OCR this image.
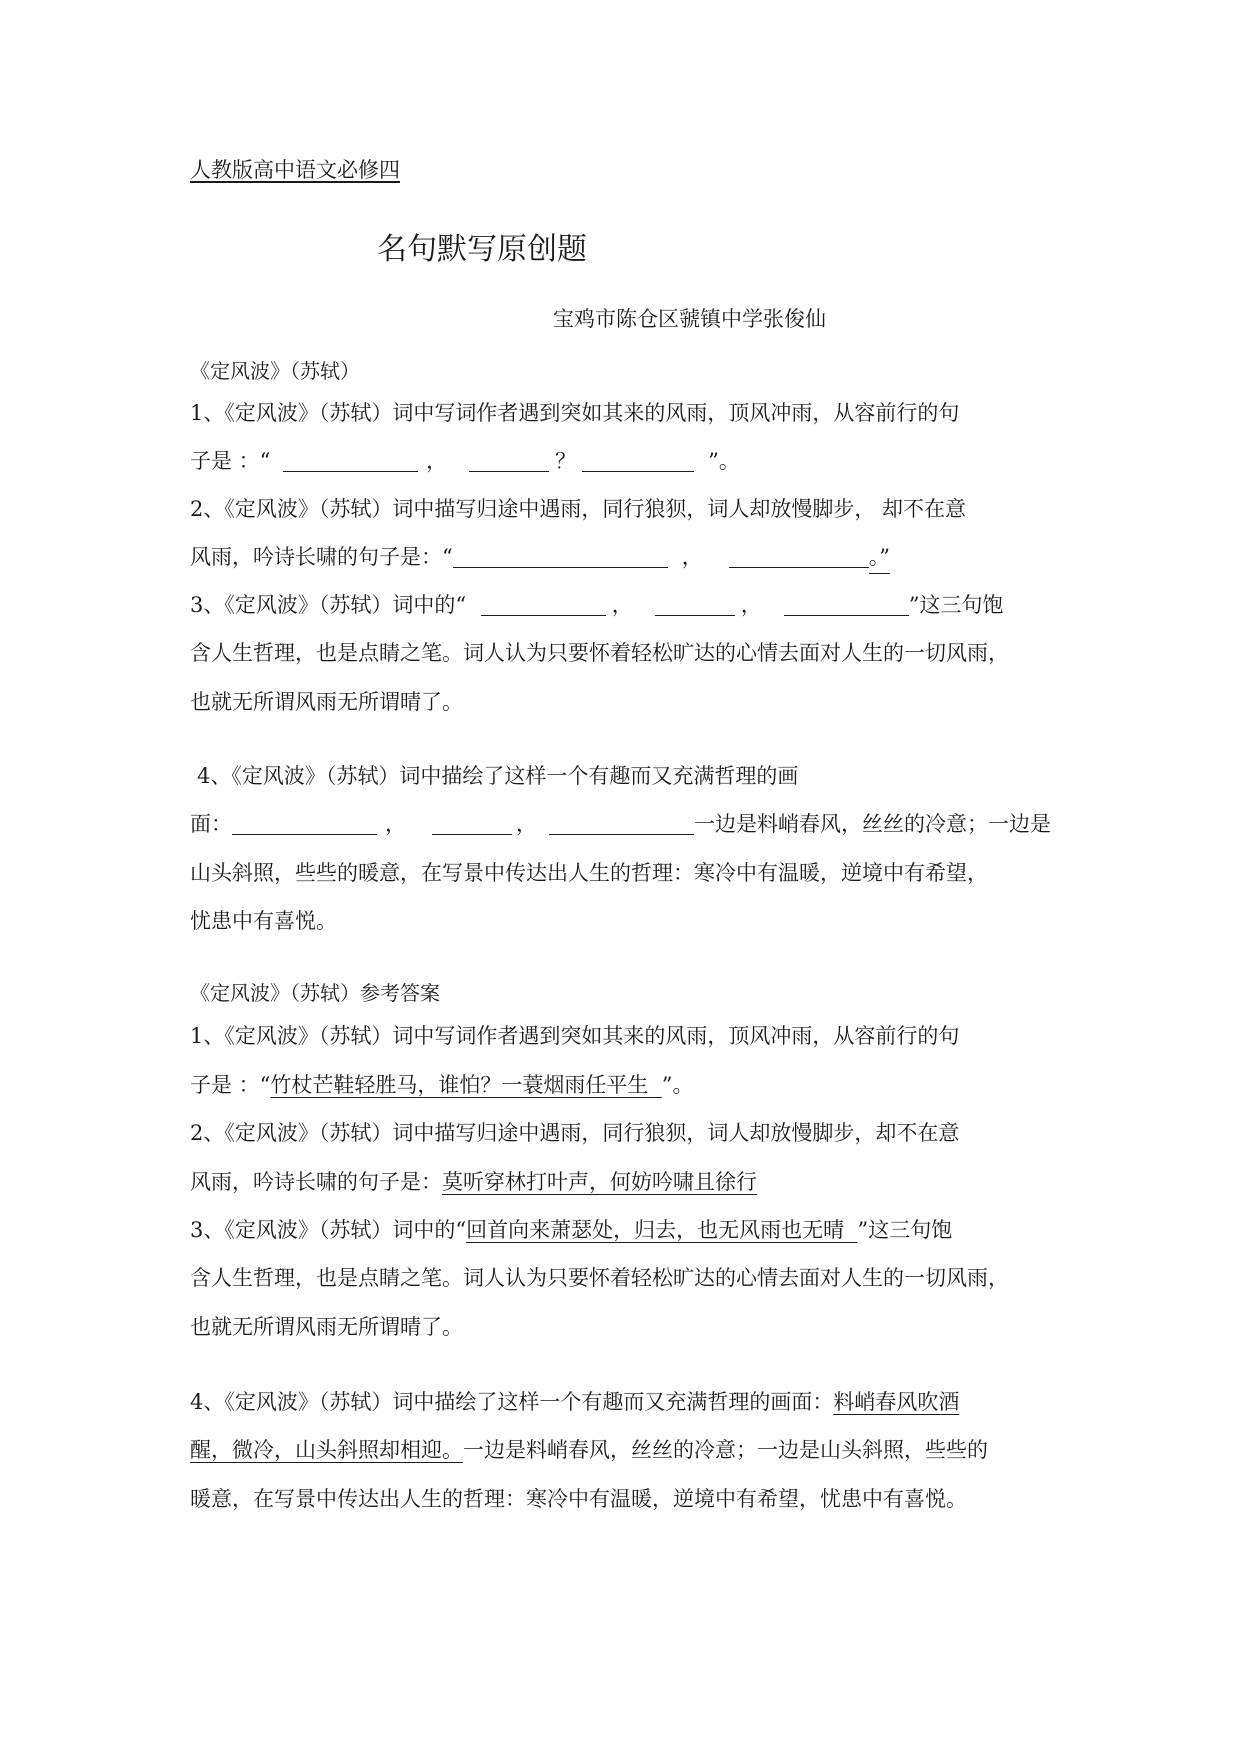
人教版高中语文必修四
名句默写原创题
宝鸡市陈仓区虢镇中学张俊仙
《定风波》（苏轼）
1、《定风波》（苏轼）词中写词作者遇到突如其来的风雨，顶风冲雨，从容前行的句
子是 ：“	，	？	”。
2、《定风波》（苏轼）词中描写归途中遇雨，同行狼狈，词人却放慢脚步， 却不在意
风雨，吟诗长啸的句子是：“	，	。”
3、《定风波》（苏轼）词中的“	，	，	”这三句饱
含人生哲理，也是点睛之笔。词人认为只要怀着轻松旷达的心情去面对人生的一切风雨，
也就无所谓风雨无所谓晴了。
4、《定风波》（苏轼）词中描绘了这样一个有趣而又充满哲理的画
面：	，	，	一边是料峭春风，丝丝的冷意；一边是
山头斜照，些些的暖意，在写景中传达出人生的哲理：寒冷中有温暖，逆境中有希望，
忧患中有喜悦。
《定风波》（苏轼）参考答案
1、《定风波》（苏轼）词中写词作者遇到突如其来的风雨，顶风冲雨，从容前行的句
子是 ：“竹杖芒鞋轻胜马，谁怕？一蓑烟雨任平生 ”。
2、《定风波》（苏轼）词中描写归途中遇雨，同行狼狈，词人却放慢脚步，却不在意
风雨，吟诗长啸的句子是：莫听穿林打叶声，何妨吟啸且徐行
3、《定风波》（苏轼）词中的“回首向来萧瑟处，归去，也无风雨也无晴 ”这三句饱
含人生哲理，也是点睛之笔。词人认为只要怀着轻松旷达的心情去面对人生的一切风雨，
也就无所谓风雨无所谓晴了。
4、《定风波》（苏轼）词中描绘了这样一个有趣而又充满哲理的画面：料峭春风吹酒
醒，微冷，山头斜照却相迎。一边是料峭春风，丝丝的冷意；一边是山头斜照，些些的
暖意，在写景中传达出人生的哲理：寒冷中有温暖，逆境中有希望，忧患中有喜悦。
